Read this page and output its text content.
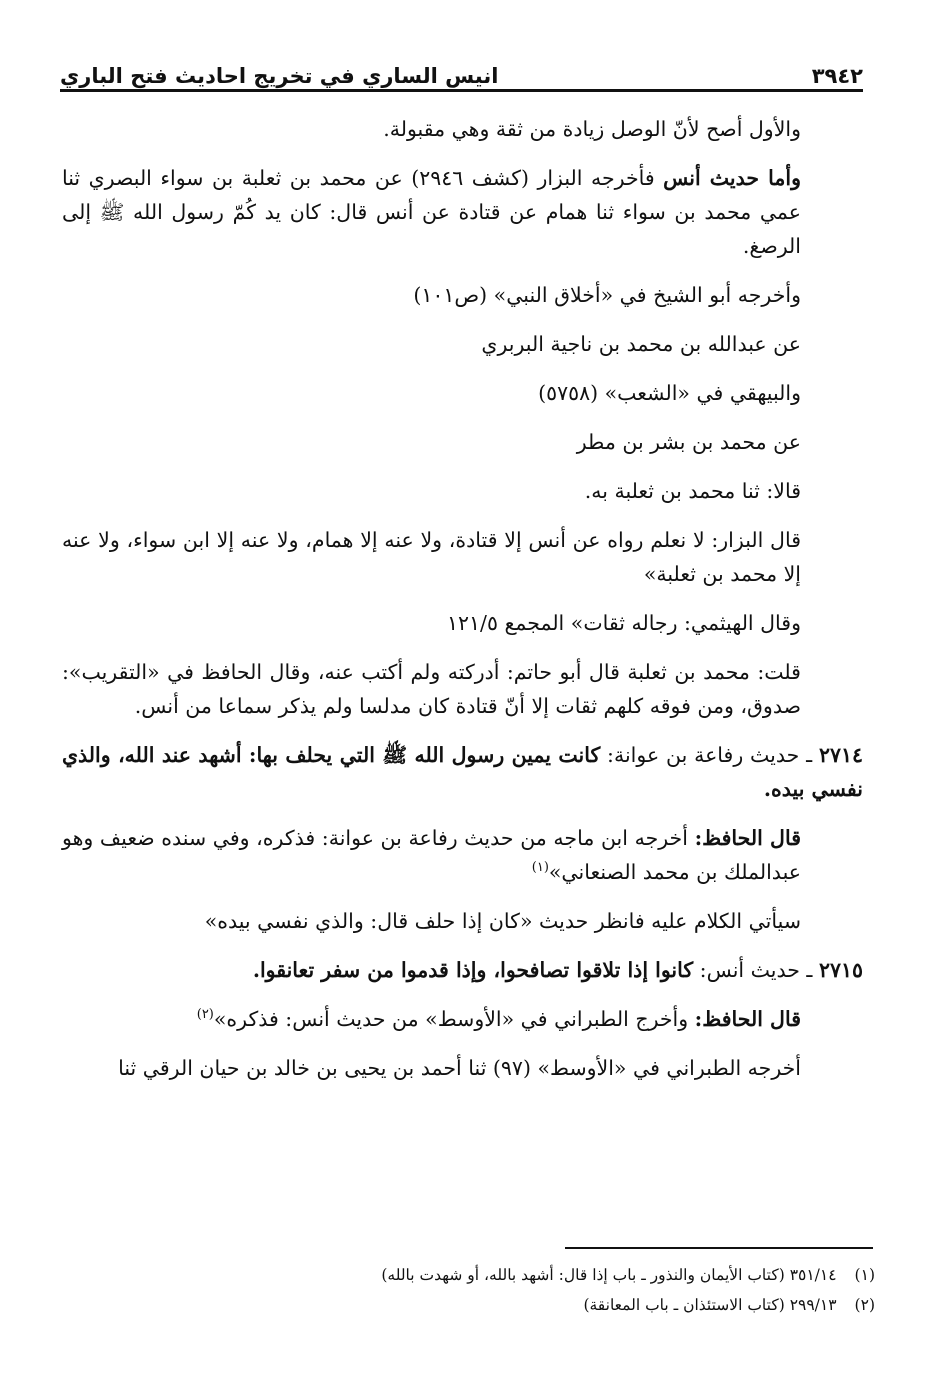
٣٩٤٢
انيس الساري في تخريج احاديث فتح الباري

والأول أصح لأنّ الوصل زيادة من ثقة وهي مقبولة.

وأما حديث أنس فأخرجه البزار (كشف ٢٩٤٦) عن محمد بن ثعلبة بن سواء البصري ثنا عمي محمد بن سواء ثنا همام عن قتادة عن أنس قال: كان يد كُمّ رسول الله ﷺ إلى الرصغ.

وأخرجه أبو الشيخ في «أخلاق النبي» (ص١٠١)

عن عبدالله بن محمد بن ناجية البربري

والبيهقي في «الشعب» (٥٧٥٨)

عن محمد بن بشر بن مطر

قالا: ثنا محمد بن ثعلبة به.

قال البزار: لا نعلم رواه عن أنس إلا قتادة، ولا عنه إلا همام، ولا عنه إلا ابن سواء، ولا عنه إلا محمد بن ثعلبة»

وقال الهيثمي: رجاله ثقات» المجمع ١٢١/٥

قلت: محمد بن ثعلبة قال أبو حاتم: أدركته ولم أكتب عنه، وقال الحافظ في «التقريب»: صدوق، ومن فوقه كلهم ثقات إلا أنّ قتادة كان مدلسا ولم يذكر سماعا من أنس.

٢٧١٤ ـ حديث رفاعة بن عوانة: كانت يمين رسول الله ﷺ التي يحلف بها: أشهد عند الله، والذي نفسي بيده.

قال الحافظ: أخرجه ابن ماجه من حديث رفاعة بن عوانة: فذكره، وفي سنده ضعيف وهو عبدالملك بن محمد الصنعاني»$^{(١)}$

سيأتي الكلام عليه فانظر حديث «كان إذا حلف قال: والذي نفسي بيده»

٢٧١٥ ـ حديث أنس: كانوا إذا تلاقوا تصافحوا، وإذا قدموا من سفر تعانقوا.

قال الحافظ: وأخرج الطبراني في «الأوسط» من حديث أنس: فذكره»$^{(٢)}$

أخرجه الطبراني في «الأوسط» (٩٧) ثنا أحمد بن يحيى بن خالد بن حيان الرقي ثنا

(١)
٣٥١/١٤ (كتاب الأيمان والنذور ـ باب إذا قال: أشهد بالله، أو شهدت بالله)
(٢)
٢٩٩/١٣ (كتاب الاستئذان ـ باب المعانقة)
